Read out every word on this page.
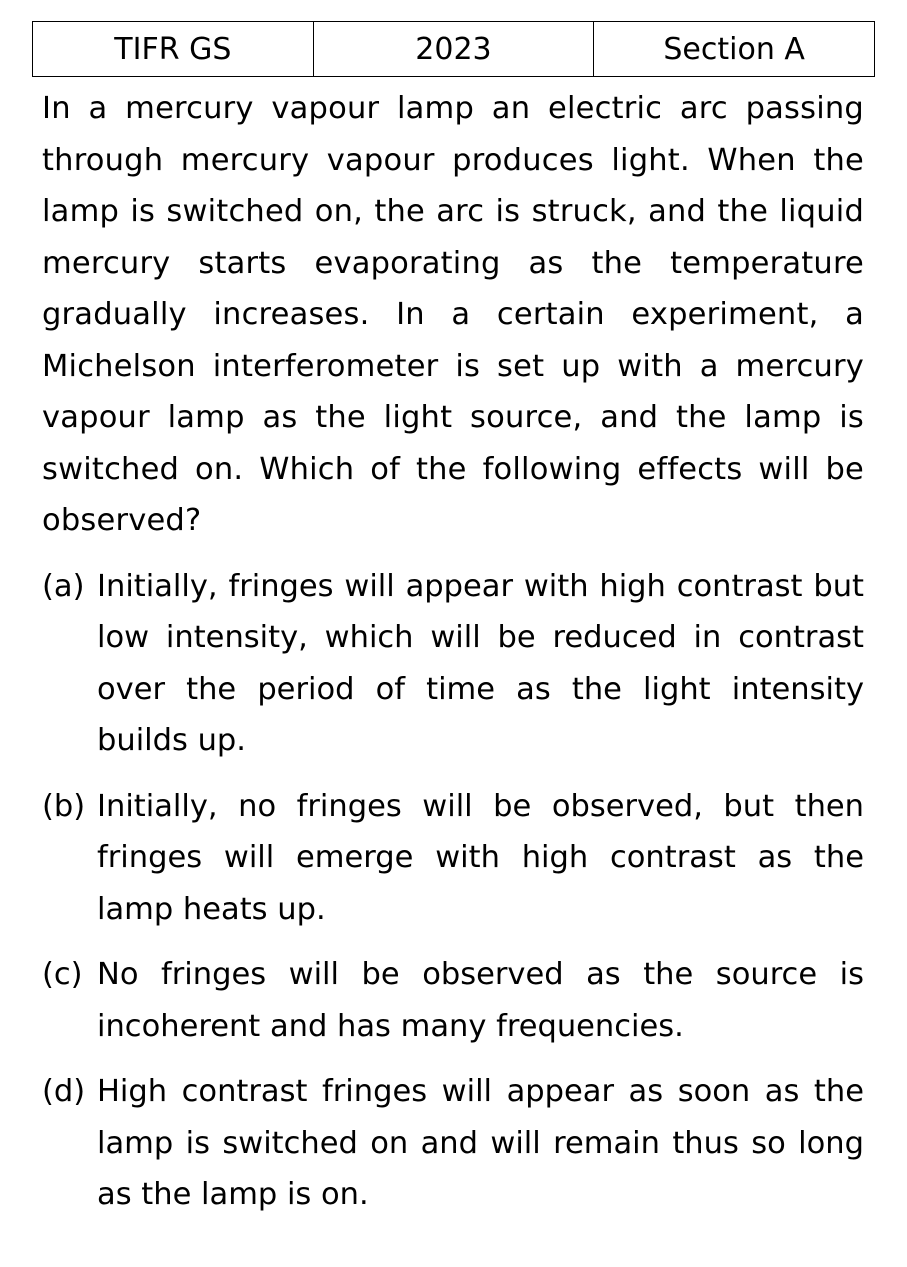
TIFR GS	2023	Section A

In a mercury vapour lamp an electric arc passing through mercury vapour produces light. When the lamp is switched on, the arc is struck, and the liquid mercury starts evaporating as the temperature gradually increases. In a certain experiment, a Michelson interferometer is set up with a mercury vapour lamp as the light source, and the lamp is switched on. Which of the following effects will be observed?

(a) Initially, fringes will appear with high contrast but low intensity, which will be reduced in contrast over the period of time as the light intensity builds up.
(b) Initially, no fringes will be observed, but then fringes will emerge with high contrast as the lamp heats up.
(c) No fringes will be observed as the source is incoherent and has many frequencies.
(d) High contrast fringes will appear as soon as the lamp is switched on and will remain thus so long as the lamp is on.
